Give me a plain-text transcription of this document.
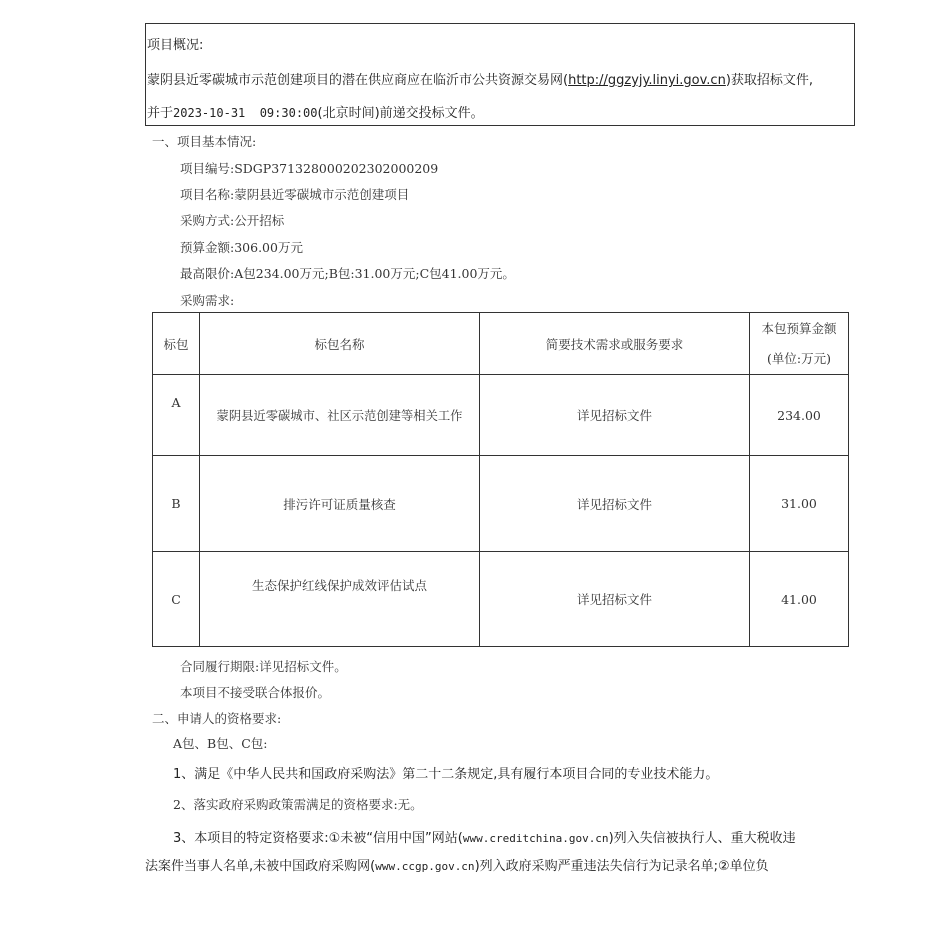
项目概况:
蒙阴县近零碳城市示范创建项目的潜在供应商应在临沂市公共资源交易网(http://ggzyjy.linyi.gov.cn)获取招标文件,
并于2023-10-31  09:30:00(北京时间)前递交投标文件。
一、项目基本情况:
项目编号:SDGP371328000202302000209
项目名称:蒙阴县近零碳城市示范创建项目
采购方式:公开招标
预算金额:306.00万元
最高限价:A包234.00万元;B包:31.00万元;C包41.00万元。
采购需求:
标包	标包名称	简要技术需求或服务要求	本包预算金额
(单位:万元)

A	蒙阴县近零碳城市、社区示范创建等相关工作	详见招标文件	234.00
B	排污许可证质量核查	详见招标文件	31.00
C	生态保护红线保护成效评估试点	详见招标文件	41.00
合同履行期限:详见招标文件。
本项目不接受联合体报价。
二、申请人的资格要求:
A包、B包、C包:
1、满足《中华人民共和国政府采购法》第二十二条规定,具有履行本项目合同的专业技术能力。
2、落实政府采购政策需满足的资格要求:无。
3、本项目的特定资格要求:①未被“信用中国”网站(www.creditchina.gov.cn)列入失信被执行人、重大税收违
法案件当事人名单,未被中国政府采购网(www.ccgp.gov.cn)列入政府采购严重违法失信行为记录名单;②单位负
